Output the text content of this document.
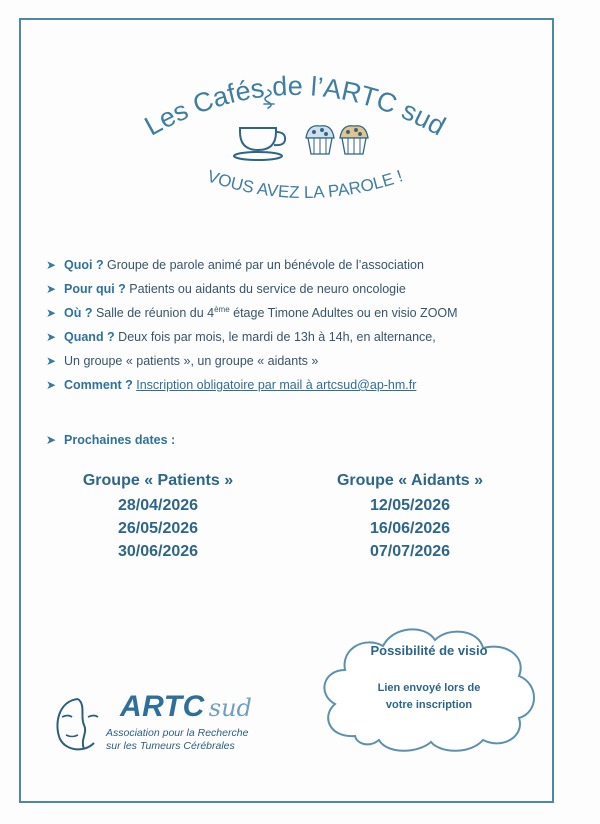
Les Cafés de l’ARTC sud
VOUS AVEZ LA PAROLE !
➤ Quoi ? Groupe de parole animé par un bénévole de l’association
➤ Pour qui ? Patients ou aidants du service de neuro oncologie
➤ Où ? Salle de réunion du 4ème étage Timone Adultes ou en visio ZOOM
➤ Quand ? Deux fois par mois, le mardi de 13h à 14h, en alternance,
➤ Un groupe « patients », un groupe « aidants »
➤ Comment ? Inscription obligatoire par mail à artcsud@ap-hm.fr
➤ Prochaines dates :
Groupe « Patients »
28/04/2026
26/05/2026
30/06/2026
Groupe « Aidants »
12/05/2026
16/06/2026
07/07/2026
Possibilité de visio
Lien envoyé lors de
votre inscription
ARTC sud
Association pour la Recherche
sur les Tumeurs Cérébrales
